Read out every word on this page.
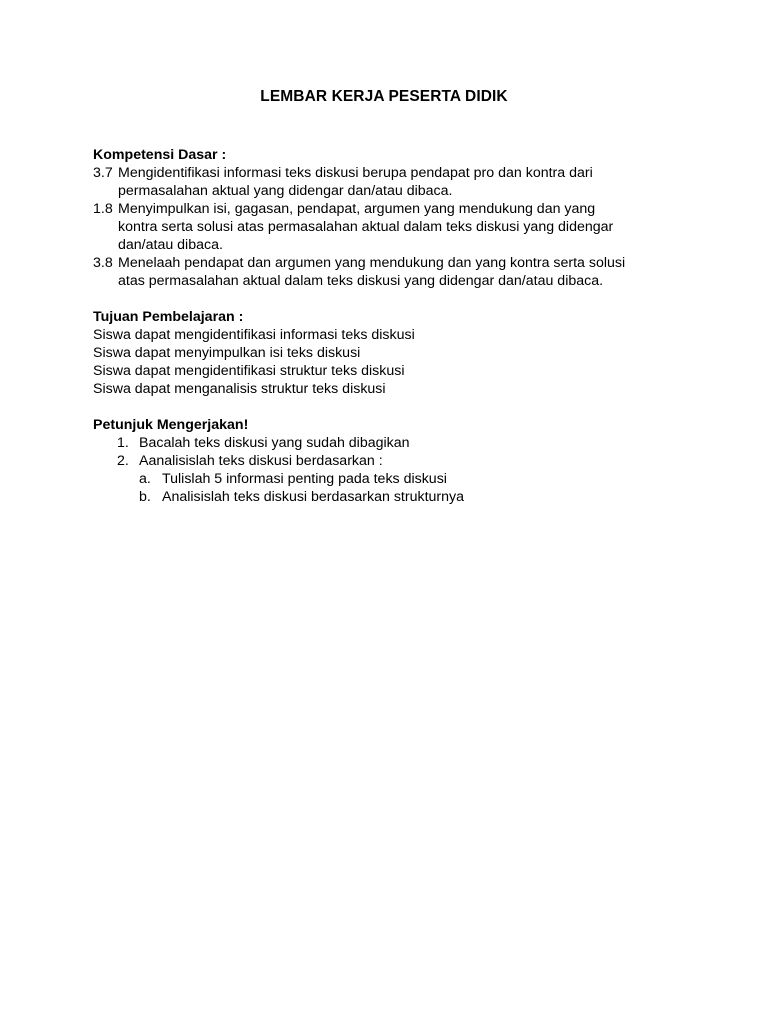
LEMBAR KERJA PESERTA DIDIK

Kompetensi Dasar :

3.7 Mengidentifikasi informasi teks diskusi berupa pendapat pro dan kontra dari

permasalahan aktual yang didengar dan/atau dibaca.

1.8 Menyimpulkan isi, gagasan, pendapat, argumen yang mendukung dan yang

kontra serta solusi atas permasalahan aktual dalam teks diskusi yang didengar

dan/atau dibaca.

3.8 Menelaah pendapat dan argumen yang mendukung dan yang kontra serta solusi

atas permasalahan aktual dalam teks diskusi yang didengar dan/atau dibaca.

Tujuan Pembelajaran :

Siswa dapat mengidentifikasi informasi teks diskusi

Siswa dapat menyimpulkan isi teks diskusi

Siswa dapat mengidentifikasi struktur teks diskusi

Siswa dapat menganalisis struktur teks diskusi

Petunjuk Mengerjakan!

1. Bacalah teks diskusi yang sudah dibagikan
2. Aanalisislah teks diskusi berdasarkan :
a. Tulislah 5 informasi penting pada teks diskusi
b. Analisislah teks diskusi berdasarkan strukturnya
